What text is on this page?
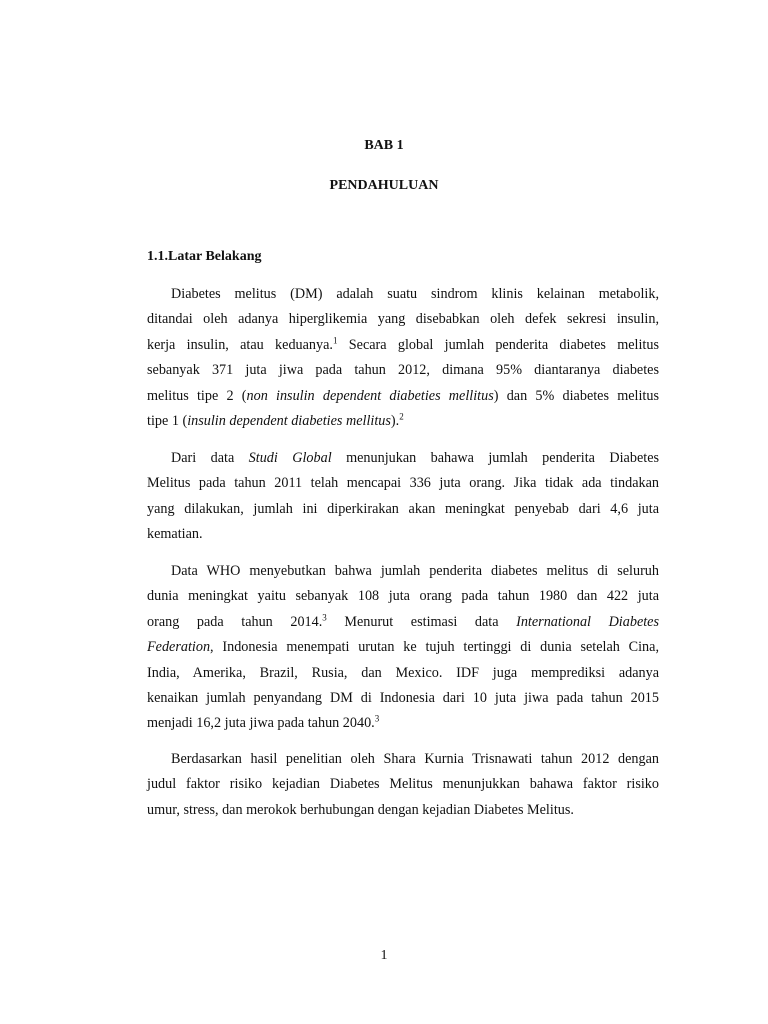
BAB 1

PENDAHULUAN

1.1.Latar Belakang

Diabetes melitus (DM) adalah suatu sindrom klinis kelainan metabolik,
ditandai oleh adanya hiperglikemia yang disebabkan oleh defek sekresi insulin,
kerja insulin, atau keduanya.$^1$ Secara global jumlah penderita diabetes melitus
sebanyak 371 juta jiwa pada tahun 2012, dimana 95% diantaranya diabetes
melitus tipe 2 (non insulin dependent diabeties mellitus) dan 5% diabetes melitus
tipe 1 (insulin dependent diabeties mellitus).$^2$
Dari data Studi Global menunjukan bahawa jumlah penderita Diabetes
Melitus pada tahun 2011 telah mencapai 336 juta orang. Jika tidak ada tindakan
yang dilakukan, jumlah ini diperkirakan akan meningkat penyebab dari 4,6 juta
kematian.
Data WHO menyebutkan bahwa jumlah penderita diabetes melitus di seluruh
dunia meningkat yaitu sebanyak 108 juta orang pada tahun 1980 dan 422 juta
orang pada tahun 2014.$^3$ Menurut estimasi data International Diabetes
Federation, Indonesia menempati urutan ke tujuh tertinggi di dunia setelah Cina,
India, Amerika, Brazil, Rusia, dan Mexico. IDF juga memprediksi adanya
kenaikan jumlah penyandang DM di Indonesia dari 10 juta jiwa pada tahun 2015
menjadi 16,2 juta jiwa pada tahun 2040.$^3$
Berdasarkan hasil penelitian oleh Shara Kurnia Trisnawati tahun 2012 dengan
judul faktor risiko kejadian Diabetes Melitus menunjukkan bahawa faktor risiko
umur, stress, dan merokok berhubungan dengan kejadian Diabetes Melitus.

1
